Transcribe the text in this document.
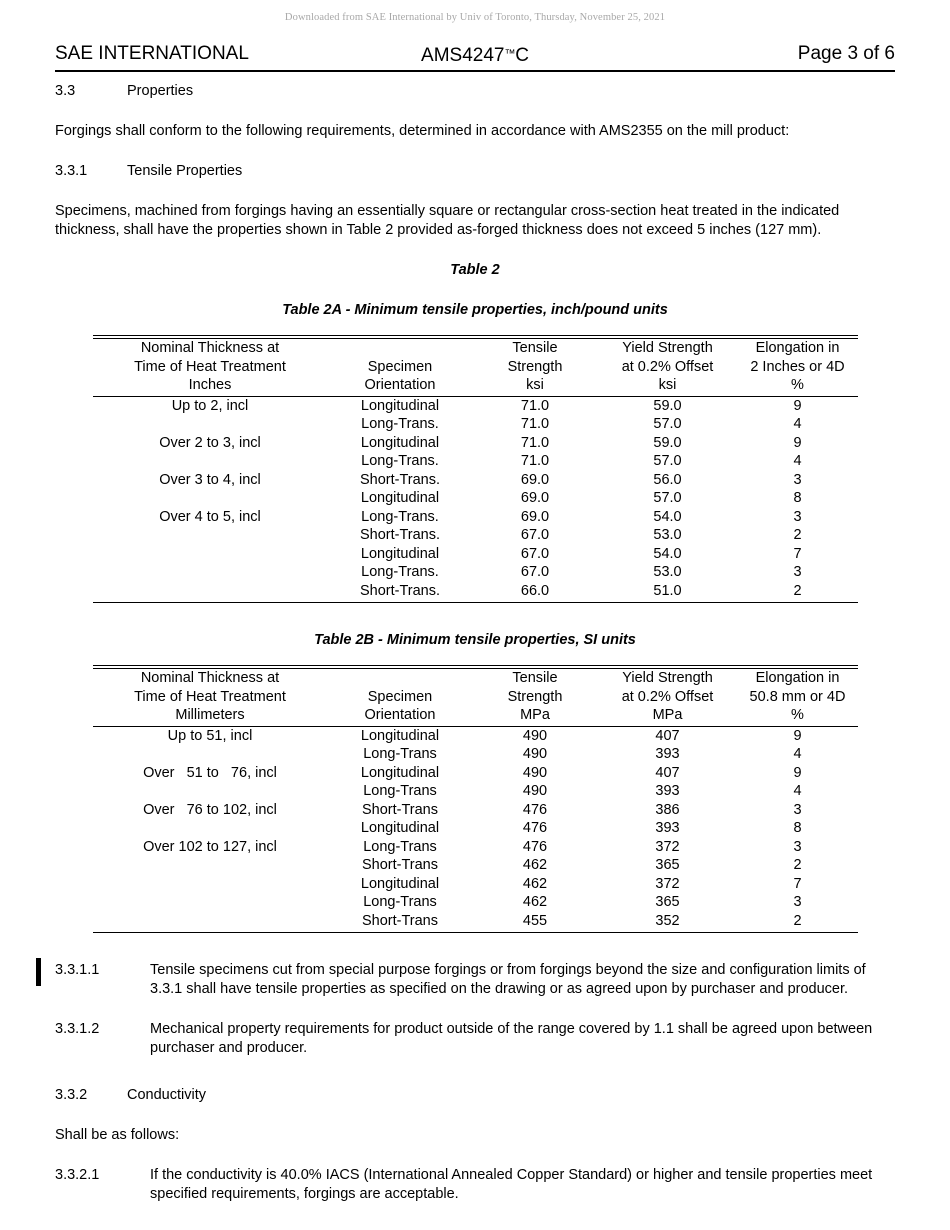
Downloaded from SAE International by Univ of Toronto, Thursday, November 25, 2021
SAE INTERNATIONAL	AMS4247™C	Page 3 of 6
3.3	Properties
Forgings shall conform to the following requirements, determined in accordance with AMS2355 on the mill product:
3.3.1	Tensile Properties
Specimens, machined from forgings having an essentially square or rectangular cross-section heat treated in the indicated thickness, shall have the properties shown in Table 2 provided as-forged thickness does not exceed 5 inches (127 mm).
Table 2
Table 2A - Minimum tensile properties, inch/pound units
Nominal Thickness at		Tensile	Yield Strength	Elongation in
Time of Heat Treatment	Specimen	Strength	at 0.2% Offset	2 Inches or 4D
Inches	Orientation	ksi	ksi	%

Up to 2, incl	Longitudinal	71.0	59.0	9
	Long-Trans.	71.0	57.0	4
Over 2 to 3, incl	Longitudinal	71.0	59.0	9
	Long-Trans.	71.0	57.0	4
Over 3 to 4, incl	Short-Trans.	69.0	56.0	3
	Longitudinal	69.0	57.0	8
Over 4 to 5, incl	Long-Trans.	69.0	54.0	3
	Short-Trans.	67.0	53.0	2
	Longitudinal	67.0	54.0	7
	Long-Trans.	67.0	53.0	3
	Short-Trans.	66.0	51.0	2
Table 2B - Minimum tensile properties, SI units
Nominal Thickness at		Tensile	Yield Strength	Elongation in
Time of Heat Treatment	Specimen	Strength	at 0.2% Offset	50.8 mm or 4D
Millimeters	Orientation	MPa	MPa	%

Up to 51, incl	Longitudinal	490	407	9
	Long-Trans	490	393	4
Over   51 to   76, incl	Longitudinal	490	407	9
	Long-Trans	490	393	4
Over   76 to 102, incl	Short-Trans	476	386	3
	Longitudinal	476	393	8
Over 102 to 127, incl	Long-Trans	476	372	3
	Short-Trans	462	365	2
	Longitudinal	462	372	7
	Long-Trans	462	365	3
	Short-Trans	455	352	2
3.3.1.1	Tensile specimens cut from special purpose forgings or from forgings beyond the size and configuration limits of 3.3.1 shall have tensile properties as specified on the drawing or as agreed upon by purchaser and producer.
3.3.1.2	Mechanical property requirements for product outside of the range covered by 1.1 shall be agreed upon between purchaser and producer.
3.3.2	Conductivity
Shall be as follows:
3.3.2.1	If the conductivity is 40.0% IACS (International Annealed Copper Standard) or higher and tensile properties meet specified requirements, forgings are acceptable.
